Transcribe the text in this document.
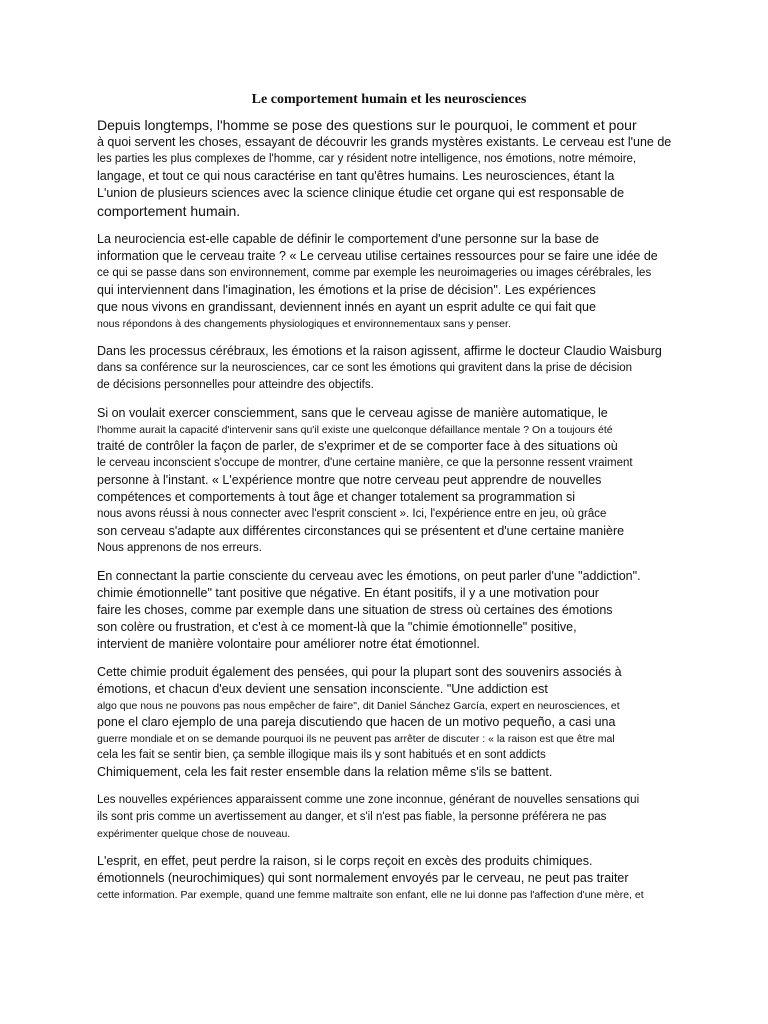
Le comportement humain et les neurosciences
Depuis longtemps, l'homme se pose des questions sur le pourquoi, le comment et pour
à quoi servent les choses, essayant de découvrir les grands mystères existants. Le cerveau est l'une de
les parties les plus complexes de l'homme, car y résident notre intelligence, nos émotions, notre mémoire,
langage, et tout ce qui nous caractérise en tant qu'êtres humains. Les neurosciences, étant la
L'union de plusieurs sciences avec la science clinique étudie cet organe qui est responsable de
comportement humain.
La neurociencia est-elle capable de définir le comportement d'une personne sur la base de
information que le cerveau traite ? « Le cerveau utilise certaines ressources pour se faire une idée de
ce qui se passe dans son environnement, comme par exemple les neuroimageries ou images cérébrales, les
qui interviennent dans l'imagination, les émotions et la prise de décision". Les expériences
que nous vivons en grandissant, deviennent innés en ayant un esprit adulte ce qui fait que
nous répondons à des changements physiologiques et environnementaux sans y penser.
Dans les processus cérébraux, les émotions et la raison agissent, affirme le docteur Claudio Waisburg
dans sa conférence sur la neurosciences, car ce sont les émotions qui gravitent dans la prise de décision
de décisions personnelles pour atteindre des objectifs.
Si on voulait exercer consciemment, sans que le cerveau agisse de manière automatique, le
l'homme aurait la capacité d'intervenir sans qu'il existe une quelconque défaillance mentale ? On a toujours été
traité de contrôler la façon de parler, de s'exprimer et de se comporter face à des situations où
le cerveau inconscient s'occupe de montrer, d'une certaine manière, ce que la personne ressent vraiment
personne à l'instant. « L'expérience montre que notre cerveau peut apprendre de nouvelles
compétences et comportements à tout âge et changer totalement sa programmation si
nous avons réussi à nous connecter avec l'esprit conscient ». Ici, l'expérience entre en jeu, où grâce
son cerveau s'adapte aux différentes circonstances qui se présentent et d'une certaine manière
Nous apprenons de nos erreurs.
En connectant la partie consciente du cerveau avec les émotions, on peut parler d'une "addiction".
chimie émotionnelle" tant positive que négative. En étant positifs, il y a une motivation pour
faire les choses, comme par exemple dans une situation de stress où certaines des émotions
son colère ou frustration, et c'est à ce moment-là que la "chimie émotionnelle" positive,
intervient de manière volontaire pour améliorer notre état émotionnel.
Cette chimie produit également des pensées, qui pour la plupart sont des souvenirs associés à
émotions, et chacun d'eux devient une sensation inconsciente. "Une addiction est
algo que nous ne pouvons pas nous empêcher de faire", dit Daniel Sánchez García, expert en neurosciences, et
pone el claro ejemplo de una pareja discutiendo que hacen de un motivo pequeño, a casi una
guerre mondiale et on se demande pourquoi ils ne peuvent pas arrêter de discuter : « la raison est que être mal
cela les fait se sentir bien, ça semble illogique mais ils y sont habitués et en sont addicts
Chimiquement, cela les fait rester ensemble dans la relation même s'ils se battent.
Les nouvelles expériences apparaissent comme une zone inconnue, générant de nouvelles sensations qui
ils sont pris comme un avertissement au danger, et s'il n'est pas fiable, la personne préférera ne pas
expérimenter quelque chose de nouveau.
L'esprit, en effet, peut perdre la raison, si le corps reçoit en excès des produits chimiques.
émotionnels (neurochimiques) qui sont normalement envoyés par le cerveau, ne peut pas traiter
cette information. Par exemple, quand une femme maltraite son enfant, elle ne lui donne pas l'affection d'une mère, et
